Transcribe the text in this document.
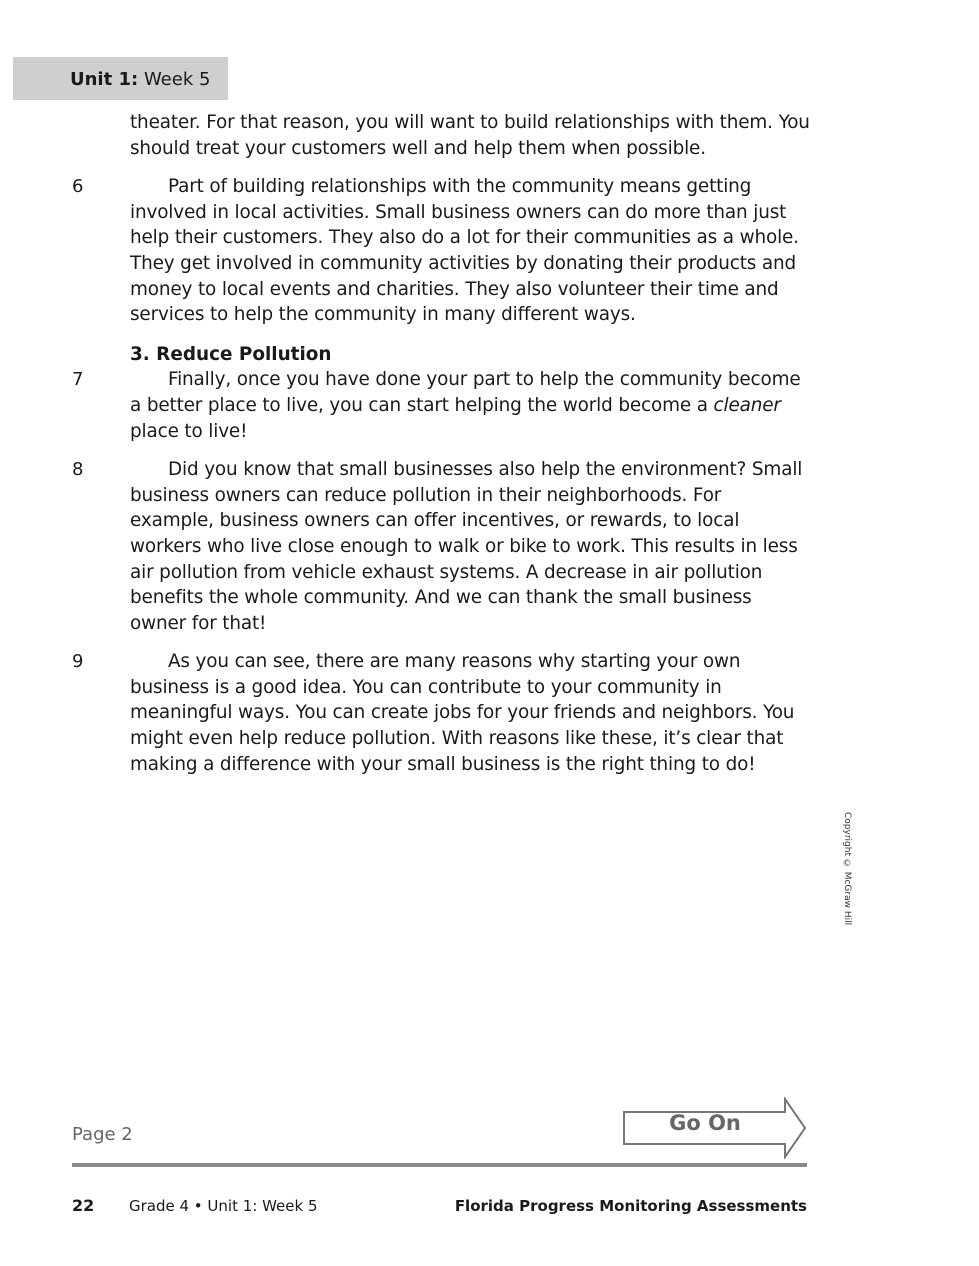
Unit 1: Week 5
theater. For that reason, you will want to build relationships with them. You should treat your customers well and help them when possible.
6	Part of building relationships with the community means getting involved in local activities. Small business owners can do more than just help their customers. They also do a lot for their communities as a whole. They get involved in community activities by donating their products and money to local events and charities. They also volunteer their time and services to help the community in many different ways.
3. Reduce Pollution
7	Finally, once you have done your part to help the community become a better place to live, you can start helping the world become a cleaner place to live!
8	Did you know that small businesses also help the environment? Small business owners can reduce pollution in their neighborhoods. For example, business owners can offer incentives, or rewards, to local workers who live close enough to walk or bike to work. This results in less air pollution from vehicle exhaust systems. A decrease in air pollution benefits the whole community. And we can thank the small business owner for that!
9	As you can see, there are many reasons why starting your own business is a good idea. You can contribute to your community in meaningful ways. You can create jobs for your friends and neighbors. You might even help reduce pollution. With reasons like these, it’s clear that making a difference with your small business is the right thing to do!
Copyright © McGraw Hill
Page 2	Go On
22 Grade 4 • Unit 1: Week 5	Florida Progress Monitoring Assessments
